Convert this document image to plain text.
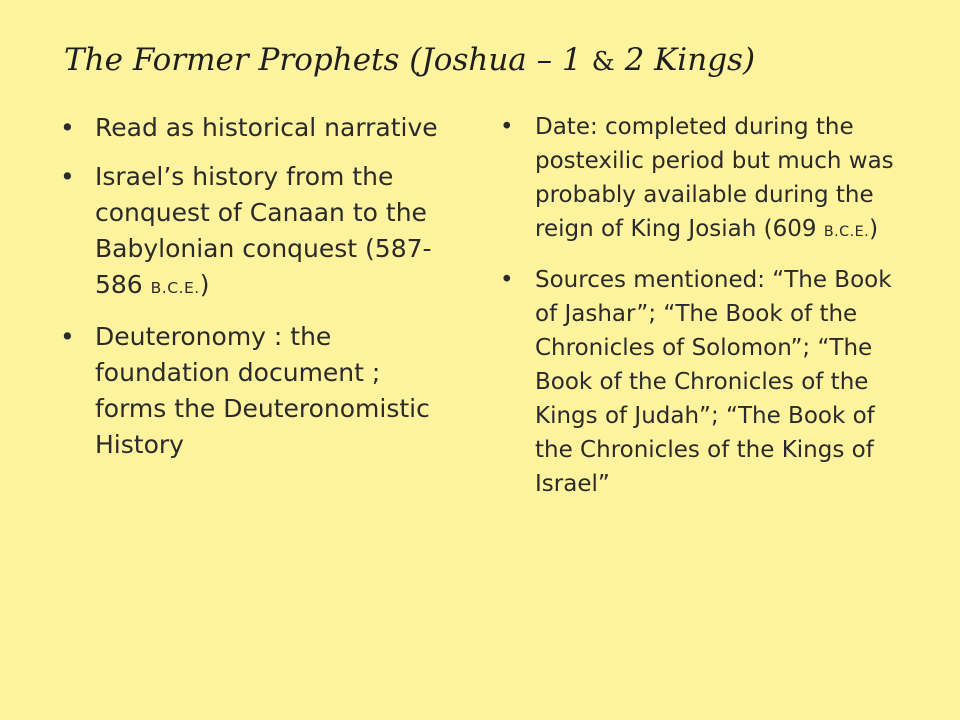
The Former Prophets (Joshua – 1 & 2 Kings)
• Read as historical narrative
• Israel’s history from the conquest of Canaan to the Babylonian conquest (587-586 B.C.E.)
• Deuteronomy : the foundation document ; forms the Deuteronomistic History
• Date: completed during the postexilic period but much was probably available during the reign of King Josiah (609 B.C.E.)
• Sources mentioned: “The Book of Jashar”; “The Book of the Chronicles of Solomon”; “The Book of the Chronicles of the Kings of Judah”; “The Book of the Chronicles of the Kings of Israel”
